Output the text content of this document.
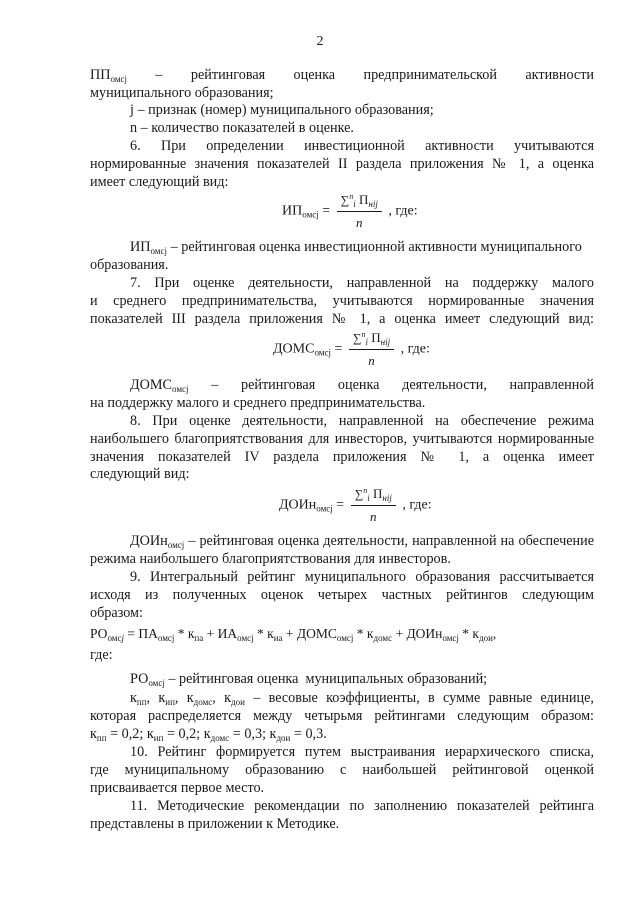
2
$ПП_{омсj}$ – рейтинговая оценка предпринимательской активности
муниципального образования;
j – признак (номер) муниципального образования;
n – количество показателей в оценке.
6. При определении инвестиционной активности учитываются
нормированные значения показателей II раздела приложения № 1, а оценка
имеет следующий вид:
$ИП_{омсj} = \frac{\sum^n_i П_{нij}}{n}$ , где:
$ИП_{омсj}$ – рейтинговая оценка инвестиционной активности муниципального
образования.
7. При оценке деятельности, направленной на поддержку малого
и среднего предпринимательства, учитываются нормированные значения
показателей III раздела приложения № 1, а оценка имеет следующий вид:
$ДОМС_{омсj} = \frac{\sum^n_i П_{нij}}{n}$ , где:
$ДОМС_{омсj}$ – рейтинговая оценка деятельности, направленной
на поддержку малого и среднего предпринимательства.
8. При оценке деятельности, направленной на обеспечение режима
наибольшего благоприятствования для инвесторов, учитываются нормированные
значения показателей IV раздела приложения № 1, а оценка имеет
следующий вид:
ДОИн$_{омсj}$ = $\frac{\sum^n_i П_{нij}}{n}$ , где:
ДОИн$_{омсj}$ – рейтинговая оценка деятельности, направленной на обеспечение
режима наибольшего благоприятствования для инвесторов.
9. Интегральный рейтинг муниципального образования рассчитывается
исходя из полученных оценок четырех частных рейтингов следующим
образом:
$РО_{омсj} = ПА_{омсj} * к_{па} + ИА_{омсj} * к_{иа}$ + $ДОМС_{омсj} * к_{домс}$ + ДОИн$_{омсj}$ * $к_{дои}$,
где:
$РО_{омсj}$ – рейтинговая оценка  муниципальных образований;
$к_{пп}$, $к_{ип}$, $к_{домс}$, $к_{дои}$ – весовые коэффициенты, в сумме равные единице,
которая распределяется между четырьмя рейтингами следующим образом:
$к_{пп} = 0,2$; $к_{ип} = 0,2$; $к_{домс} = 0,3$; $к_{дои} = 0,3$.
10. Рейтинг формируется путем выстраивания иерархического списка,
где муниципальному образованию с наибольшей рейтинговой оценкой
присваивается первое место.
11. Методические рекомендации по заполнению показателей рейтинга
представлены в приложении к Методике.
